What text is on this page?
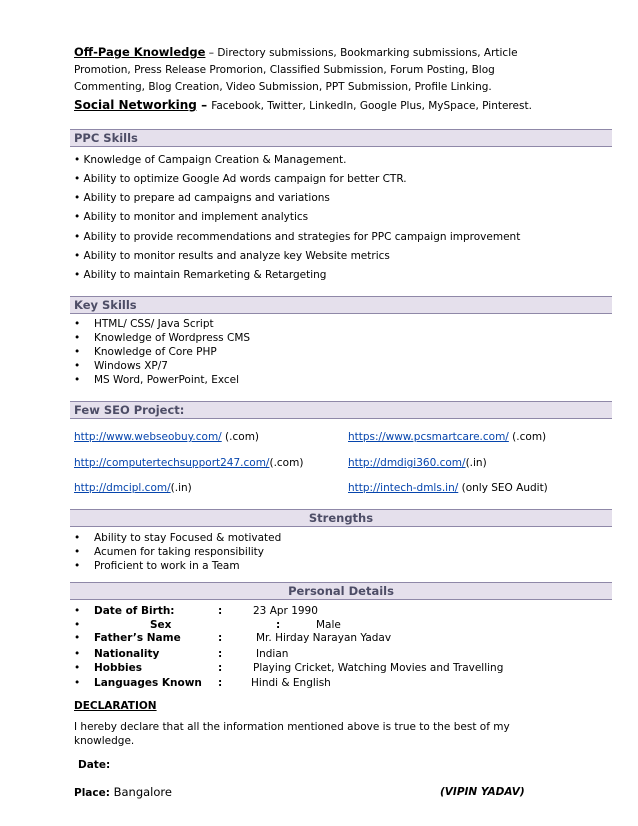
Off-Page Knowledge – Directory submissions, Bookmarking submissions, Article
Promotion, Press Release Promorion, Classified Submission, Forum Posting, Blog
Commenting, Blog Creation, Video Submission, PPT Submission, Profile Linking.
Social Networking – Facebook, Twitter, LinkedIn, Google Plus, MySpace, Pinterest.
PPC Skills
• Knowledge of Campaign Creation & Management.
• Ability to optimize Google Ad words campaign for better CTR.
• Ability to prepare ad campaigns and variations
• Ability to monitor and implement analytics
• Ability to provide recommendations and strategies for PPC campaign improvement
• Ability to monitor results and analyze key Website metrics
• Ability to maintain Remarketing & Retargeting
Key Skills
• HTML/ CSS/ Java Script
• Knowledge of Wordpress CMS
• Knowledge of Core PHP
• Windows XP/7
• MS Word, PowerPoint, Excel
Few SEO Project:
http://www.webseobuy.com/ (.com)	https://www.pcsmartcare.com/ (.com)
http://computertechsupport247.com/(.com)	http://dmdigi360.com/(.in)
http://dmcipl.com/(.in)	http://intech-dmls.in/ (only SEO Audit)
Strengths
• Ability to stay Focused & motivated
• Acumen for taking responsibility
• Proficient to work in a Team
Personal Details
• Date of Birth:	:	23 Apr 1990
•	Sex	:	Male
• Father’s Name	:	Mr. Hirday Narayan Yadav
• Nationality	:	Indian
• Hobbies	:	Playing Cricket, Watching Movies and Travelling
• Languages Known :	Hindi & English
DECLARATION
I hereby declare that all the information mentioned above is true to the best of my
knowledge.
Date:
Place: Bangalore	(VIPIN YADAV)
